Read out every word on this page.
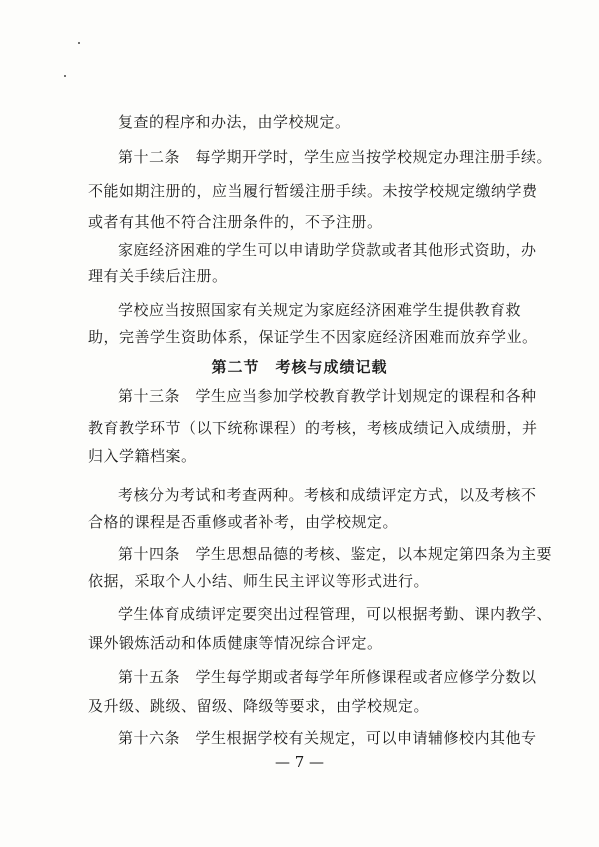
复查的程序和办法，由学校规定。
第十二条　每学期开学时，学生应当按学校规定办理注册手续。
不能如期注册的，应当履行暂缓注册手续。未按学校规定缴纳学费
或者有其他不符合注册条件的，不予注册。
家庭经济困难的学生可以申请助学贷款或者其他形式资助，办
理有关手续后注册。
学校应当按照国家有关规定为家庭经济困难学生提供教育救
助，完善学生资助体系，保证学生不因家庭经济困难而放弃学业。
第二节　考核与成绩记载
第十三条　学生应当参加学校教育教学计划规定的课程和各种
教育教学环节（以下统称课程）的考核，考核成绩记入成绩册，并
归入学籍档案。
考核分为考试和考查两种。考核和成绩评定方式，以及考核不
合格的课程是否重修或者补考，由学校规定。
第十四条　学生思想品德的考核、鉴定，以本规定第四条为主要
依据，采取个人小结、师生民主评议等形式进行。
学生体育成绩评定要突出过程管理，可以根据考勤、课内教学、
课外锻炼活动和体质健康等情况综合评定。
第十五条　学生每学期或者每学年所修课程或者应修学分数以
及升级、跳级、留级、降级等要求，由学校规定。
第十六条　学生根据学校有关规定，可以申请辅修校内其他专
— 7 —
